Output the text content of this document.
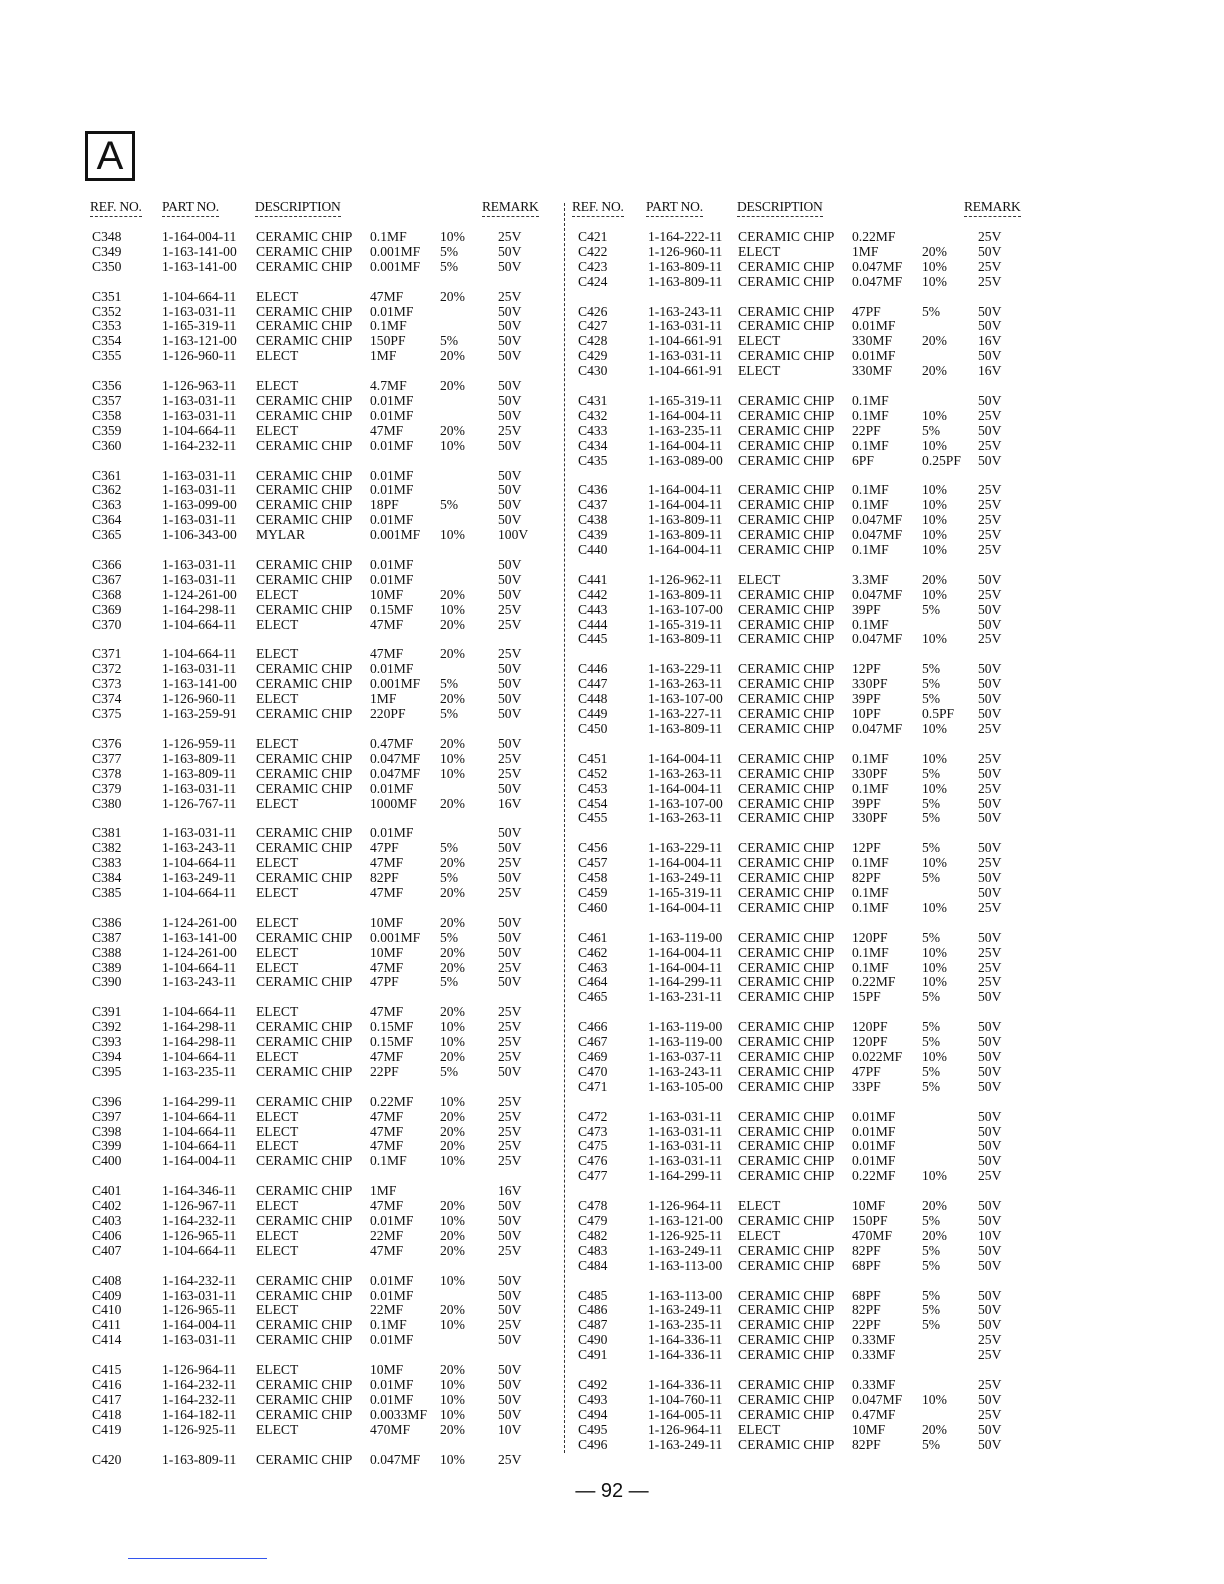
A
REF. NO. PART NO.	DESCRIPTION	REMARK REF. NO. PART NO.	DESCRIPTION	REMARK
C348	1-164-004-11 CERAMIC CHIP 0.1MF 10% 25V
C349	1-163-141-00 CERAMIC CHIP 0.001MF 5%	50V
C350	1-163-141-00 CERAMIC CHIP 0.001MF 5%	50V
C351	1-104-664-11 ELECT	47MF	20% 25V
C352	1-163-031-11 CERAMIC CHIP 0.01MF	50V
C353	1-165-319-11 CERAMIC CHIP 0.1MF	50V
C354	1-163-121-00 CERAMIC CHIP 150PF	5%	50V
C355	1-126-960-11 ELECT	1MF	20% 50V
C356	1-126-963-11 ELECT	4.7MF 20% 50V
C357	1-163-031-11 CERAMIC CHIP 0.01MF	50V
C358	1-163-031-11 CERAMIC CHIP 0.01MF	50V
C359	1-104-664-11 ELECT	47MF	20% 25V
C360	1-164-232-11 CERAMIC CHIP 0.01MF 10% 50V
C361	1-163-031-11 CERAMIC CHIP 0.01MF	50V
C362	1-163-031-11 CERAMIC CHIP 0.01MF	50V
C363	1-163-099-00 CERAMIC CHIP 18PF	5%	50V
C364	1-163-031-11 CERAMIC CHIP 0.01MF	50V
C365	1-106-343-00 MYLAR	0.001MF 10% 100V
C366	1-163-031-11 CERAMIC CHIP 0.01MF	50V
C367	1-163-031-11 CERAMIC CHIP 0.01MF	50V
C368	1-124-261-00 ELECT	10MF	20% 50V
C369	1-164-298-11 CERAMIC CHIP 0.15MF 10% 25V
C370	1-104-664-11 ELECT	47MF	20% 25V
C371	1-104-664-11 ELECT	47MF	20% 25V
C372	1-163-031-11 CERAMIC CHIP 0.01MF	50V
C373	1-163-141-00 CERAMIC CHIP 0.001MF 5%	50V
C374	1-126-960-11 ELECT	1MF	20% 50V
C375	1-163-259-91 CERAMIC CHIP 220PF	5%	50V
C376	1-126-959-11 ELECT	0.47MF 20% 50V
C377	1-163-809-11 CERAMIC CHIP 0.047MF 10% 25V
C378	1-163-809-11 CERAMIC CHIP 0.047MF 10% 25V
C379	1-163-031-11 CERAMIC CHIP 0.01MF	50V
C380	1-126-767-11 ELECT	1000MF 20% 16V
C381	1-163-031-11 CERAMIC CHIP 0.01MF	50V
C382	1-163-243-11 CERAMIC CHIP 47PF	5%	50V
C383	1-104-664-11 ELECT	47MF	20% 25V
C384	1-163-249-11 CERAMIC CHIP 82PF	5%	50V
C385	1-104-664-11 ELECT	47MF	20% 25V
C386	1-124-261-00 ELECT	10MF	20% 50V
C387	1-163-141-00 CERAMIC CHIP 0.001MF 5%	50V
C388	1-124-261-00 ELECT	10MF	20% 50V
C389	1-104-664-11 ELECT	47MF	20% 25V
C390	1-163-243-11 CERAMIC CHIP 47PF	5%	50V
C391	1-104-664-11 ELECT	47MF	20% 25V
C392	1-164-298-11 CERAMIC CHIP 0.15MF 10% 25V
C393	1-164-298-11 CERAMIC CHIP 0.15MF 10% 25V
C394	1-104-664-11 ELECT	47MF	20% 25V
C395	1-163-235-11 CERAMIC CHIP 22PF	5%	50V
C396	1-164-299-11 CERAMIC CHIP 0.22MF 10% 25V
C397	1-104-664-11 ELECT	47MF	20% 25V
C398	1-104-664-11 ELECT	47MF	20% 25V
C399	1-104-664-11 ELECT	47MF	20% 25V
C400	1-164-004-11 CERAMIC CHIP 0.1MF 10% 25V
C401	1-164-346-11 CERAMIC CHIP 1MF	16V
C402	1-126-967-11 ELECT	47MF	20% 50V
C403	1-164-232-11 CERAMIC CHIP 0.01MF 10% 50V
C406	1-126-965-11 ELECT	22MF	20% 50V
C407	1-104-664-11 ELECT	47MF	20% 25V
C408	1-164-232-11 CERAMIC CHIP 0.01MF 10% 50V
C409	1-163-031-11 CERAMIC CHIP 0.01MF	50V
C410	1-126-965-11 ELECT	22MF	20% 50V
C411	1-164-004-11 CERAMIC CHIP 0.1MF 10% 25V
C414	1-163-031-11 CERAMIC CHIP 0.01MF	50V
C415	1-126-964-11 ELECT	10MF	20% 50V
C416	1-164-232-11 CERAMIC CHIP 0.01MF 10% 50V
C417	1-164-232-11 CERAMIC CHIP 0.01MF 10% 50V
C418	1-164-182-11 CERAMIC CHIP 0.0033MF 10% 50V
C419	1-126-925-11 ELECT	470MF 20% 10V
C420	1-163-809-11 CERAMIC CHIP 0.047MF 10% 25V
C421	1-164-222-11 CERAMIC CHIP 0.22MF	25V
C422	1-126-960-11 ELECT	1MF	20% 50V
C423	1-163-809-11 CERAMIC CHIP 0.047MF 10% 25V
C424	1-163-809-11 CERAMIC CHIP 0.047MF 10% 25V
C426	1-163-243-11 CERAMIC CHIP 47PF	5%	50V
C427	1-163-031-11 CERAMIC CHIP 0.01MF	50V
C428	1-104-661-91 ELECT	330MF 20% 16V
C429	1-163-031-11 CERAMIC CHIP 0.01MF	50V
C430	1-104-661-91 ELECT	330MF 20% 16V
C431	1-165-319-11 CERAMIC CHIP 0.1MF	50V
C432	1-164-004-11 CERAMIC CHIP 0.1MF 10% 25V
C433	1-163-235-11 CERAMIC CHIP 22PF	5%	50V
C434	1-164-004-11 CERAMIC CHIP 0.1MF 10% 25V
C435	1-163-089-00 CERAMIC CHIP 6PF	0.25PF 50V
C436	1-164-004-11 CERAMIC CHIP 0.1MF 10% 25V
C437	1-164-004-11 CERAMIC CHIP 0.1MF 10% 25V
C438	1-163-809-11 CERAMIC CHIP 0.047MF 10% 25V
C439	1-163-809-11 CERAMIC CHIP 0.047MF 10% 25V
C440	1-164-004-11 CERAMIC CHIP 0.1MF 10% 25V
C441	1-126-962-11 ELECT	3.3MF 20% 50V
C442	1-163-809-11 CERAMIC CHIP 0.047MF 10% 25V
C443	1-163-107-00 CERAMIC CHIP 39PF	5%	50V
C444	1-165-319-11 CERAMIC CHIP 0.1MF	50V
C445	1-163-809-11 CERAMIC CHIP 0.047MF 10% 25V
C446	1-163-229-11 CERAMIC CHIP 12PF	5%	50V
C447	1-163-263-11 CERAMIC CHIP 330PF	5%	50V
C448	1-163-107-00 CERAMIC CHIP 39PF	5%	50V
C449	1-163-227-11 CERAMIC CHIP 10PF	0.5PF 50V
C450	1-163-809-11 CERAMIC CHIP 0.047MF 10% 25V
C451	1-164-004-11 CERAMIC CHIP 0.1MF 10% 25V
C452	1-163-263-11 CERAMIC CHIP 330PF	5%	50V
C453	1-164-004-11 CERAMIC CHIP 0.1MF 10% 25V
C454	1-163-107-00 CERAMIC CHIP 39PF	5%	50V
C455	1-163-263-11 CERAMIC CHIP 330PF	5%	50V
C456	1-163-229-11 CERAMIC CHIP 12PF	5%	50V
C457	1-164-004-11 CERAMIC CHIP 0.1MF 10% 25V
C458	1-163-249-11 CERAMIC CHIP 82PF	5%	50V
C459	1-165-319-11 CERAMIC CHIP 0.1MF	50V
C460	1-164-004-11 CERAMIC CHIP 0.1MF 10% 25V
C461	1-163-119-00 CERAMIC CHIP 120PF	5%	50V
C462	1-164-004-11 CERAMIC CHIP 0.1MF 10% 25V
C463	1-164-004-11 CERAMIC CHIP 0.1MF 10% 25V
C464	1-164-299-11 CERAMIC CHIP 0.22MF 10% 25V
C465	1-163-231-11 CERAMIC CHIP 15PF	5%	50V
C466	1-163-119-00 CERAMIC CHIP 120PF	5%	50V
C467	1-163-119-00 CERAMIC CHIP 120PF	5%	50V
C469	1-163-037-11 CERAMIC CHIP 0.022MF 10% 50V
C470	1-163-243-11 CERAMIC CHIP 47PF	5%	50V
C471	1-163-105-00 CERAMIC CHIP 33PF	5%	50V
C472	1-163-031-11 CERAMIC CHIP 0.01MF	50V
C473	1-163-031-11 CERAMIC CHIP 0.01MF	50V
C475	1-163-031-11 CERAMIC CHIP 0.01MF	50V
C476	1-163-031-11 CERAMIC CHIP 0.01MF	50V
C477	1-164-299-11 CERAMIC CHIP 0.22MF 10% 25V
C478	1-126-964-11 ELECT	10MF	20% 50V
C479	1-163-121-00 CERAMIC CHIP 150PF	5%	50V
C482	1-126-925-11 ELECT	470MF 20% 10V
C483	1-163-249-11 CERAMIC CHIP 82PF	5%	50V
C484	1-163-113-00 CERAMIC CHIP 68PF	5%	50V
C485	1-163-113-00 CERAMIC CHIP 68PF	5%	50V
C486	1-163-249-11 CERAMIC CHIP 82PF	5%	50V
C487	1-163-235-11 CERAMIC CHIP 22PF	5%	50V
C490	1-164-336-11 CERAMIC CHIP 0.33MF	25V
C491	1-164-336-11 CERAMIC CHIP 0.33MF	25V
C492	1-164-336-11 CERAMIC CHIP 0.33MF	25V
C493	1-104-760-11 CERAMIC CHIP 0.047MF 10% 50V
C494	1-164-005-11 CERAMIC CHIP 0.47MF	25V
C495	1-126-964-11 ELECT	10MF	20% 50V
C496	1-163-249-11 CERAMIC CHIP 82PF	5%	50V
— 92 —
